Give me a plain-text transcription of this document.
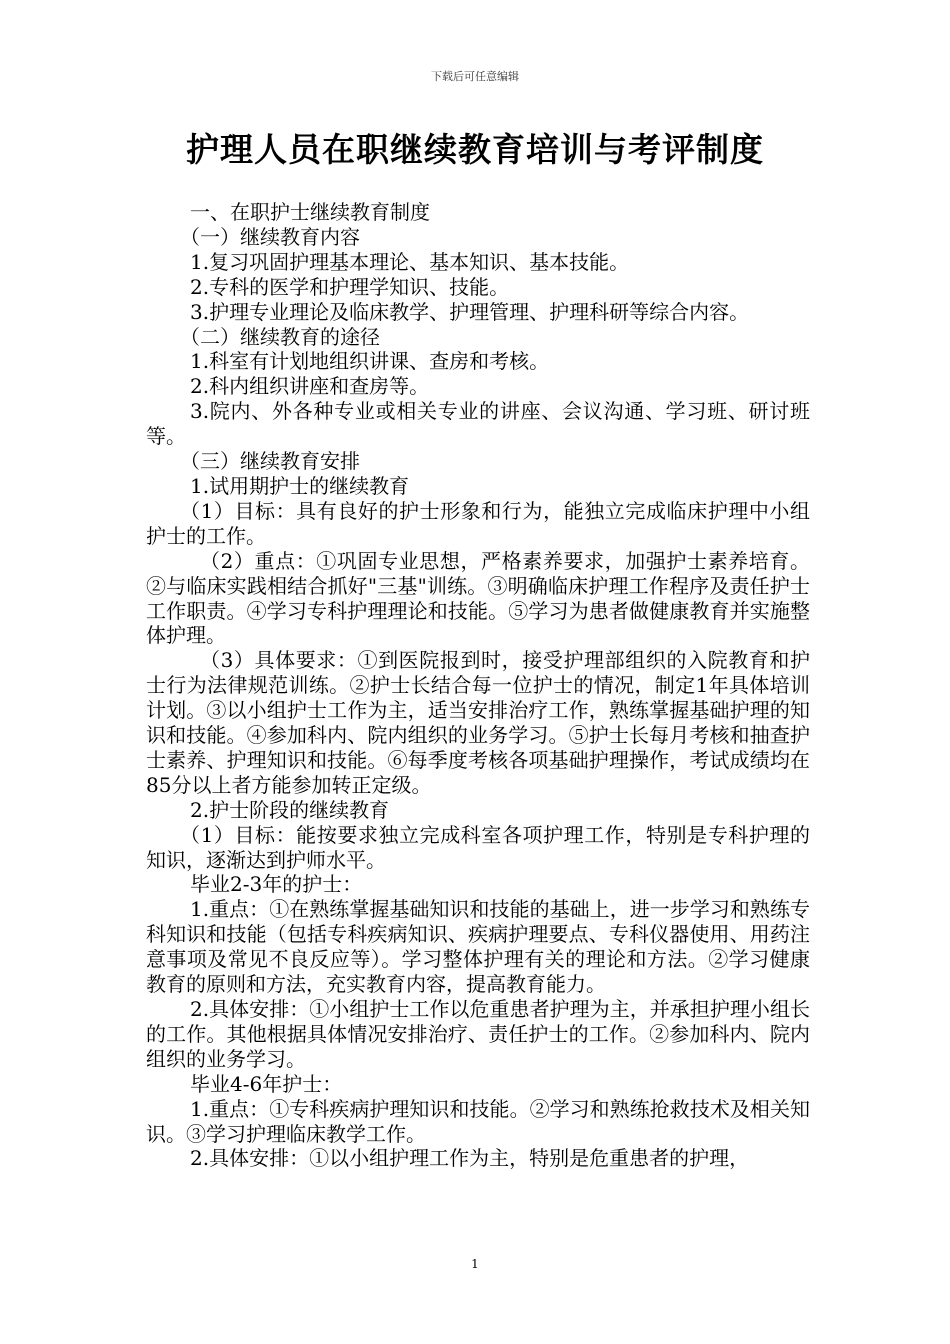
下载后可任意编辑
护理人员在职继续教育培训与考评制度

一、在职护士继续教育制度

（一）继续教育内容

1.复习巩固护理基本理论、基本知识、基本技能。

2.专科的医学和护理学知识、技能。

3.护理专业理论及临床教学、护理管理、护理科研等综合内容。

（二）继续教育的途径

1.科室有计划地组织讲课、查房和考核。

2.科内组织讲座和查房等。

3.院内、外各种专业或相关专业的讲座、会议沟通、学习班、研讨班等。

（三）继续教育安排

1.试用期护士的继续教育

（1）目标：具有良好的护士形象和行为，能独立完成临床护理中小组护士的工作。

（2）重点：①巩固专业思想，严格素养要求，加强护士素养培育。②与临床实践相结合抓好"三基"训练。③明确临床护理工作程序及责任护士工作职责。④学习专科护理理论和技能。⑤学习为患者做健康教育并实施整体护理。

（3）具体要求：①到医院报到时，接受护理部组织的入院教育和护士行为法律规范训练。②护士长结合每一位护士的情况，制定1年具体培训计划。③以小组护士工作为主，适当安排治疗工作，熟练掌握基础护理的知识和技能。④参加科内、院内组织的业务学习。⑤护士长每月考核和抽查护士素养、护理知识和技能。⑥每季度考核各项基础护理操作，考试成绩均在85分以上者方能参加转正定级。

2.护士阶段的继续教育

（1）目标：能按要求独立完成科室各项护理工作，特别是专科护理的知识，逐渐达到护师水平。

毕业2-3年的护士：

1.重点：①在熟练掌握基础知识和技能的基础上，进一步学习和熟练专科知识和技能（包括专科疾病知识、疾病护理要点、专科仪器使用、用药注意事项及常见不良反应等）。学习整体护理有关的理论和方法。②学习健康教育的原则和方法，充实教育内容，提高教育能力。

2.具体安排：①小组护士工作以危重患者护理为主，并承担护理小组长的工作。其他根据具体情况安排治疗、责任护士的工作。②参加科内、院内组织的业务学习。

毕业4-6年护士：

1.重点：①专科疾病护理知识和技能。②学习和熟练抢救技术及相关知识。③学习护理临床教学工作。

2.具体安排：①以小组护理工作为主，特别是危重患者的护理，

1
